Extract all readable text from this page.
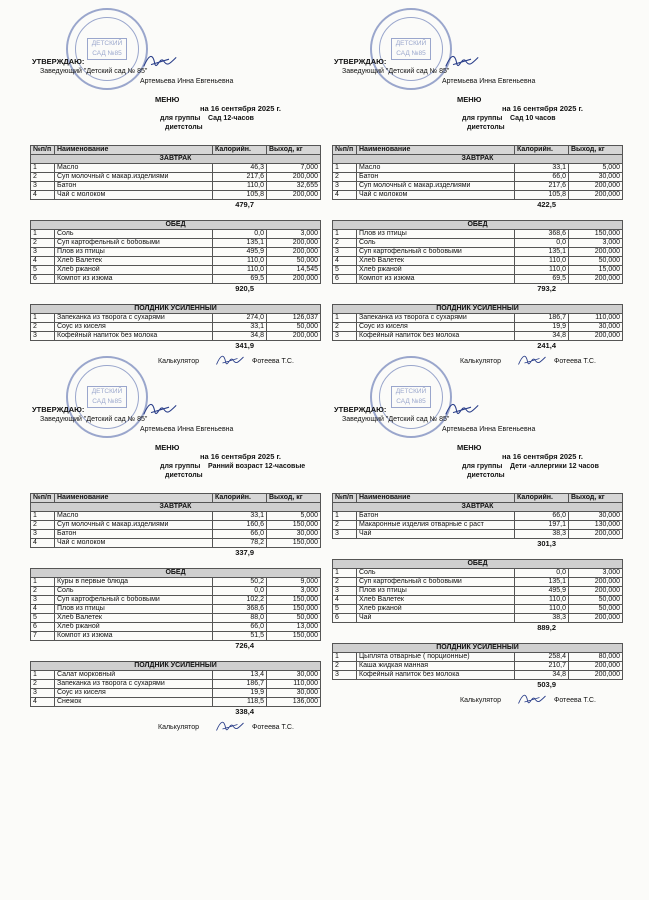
ДЕТСКИЙ САД №85
УТВЕРЖДАЮ:
Заведующий "Детский сад № 85"
Артемьева Инна Евгеньевна
МЕНЮ
на 16 сентября 2025 г.
для группы Сад 12-часов
диетстолы
№п/п	Наименование	Калорийн.	Выход, кг
ЗАВТРАК			
1	Масло	46,3	7,000
2	Суп молочный с макар.изделиями	217,6	200,000
3	Батон	110,0	32,655
4	Чай с молоком	105,8	200,000
479,7
ОБЕД			
1	Соль	0,0	3,000
2	Суп картофельный с бобовыми	135,1	200,000
3	Плов из птицы	495,9	200,000
4	Хлеб Валетек	110,0	50,000
5	Хлеб ржаной	110,0	14,545
6	Компот из изюма	69,5	200,000
920,5
ПОЛДНИК УСИЛЕННЫЙ			
1	Запеканка из творога с сухарями	274,0	126,037
2	Соус из киселя	33,1	50,000
3	Кофейный напиток без молока	34,8	200,000
341,9
Калькулятор	Фотеева Т.С.
ДЕТСКИЙ САД №85
УТВЕРЖДАЮ:
Заведующий "Детский сад № 85"
Артемьева Инна Евгеньевна
МЕНЮ
на 16 сентября 2025 г.
для группы Сад 10 часов
диетстолы
№п/п	Наименование	Калорийн.	Выход, кг
ЗАВТРАК			
1	Масло	33,1	5,000
2	Батон	66,0	30,000
3	Суп молочный с макар.изделиями	217,6	200,000
4	Чай с молоком	105,8	200,000
422,5
ОБЕД			
1	Плов из птицы	368,6	150,000
2	Соль	0,0	3,000
3	Суп картофельный с бобовыми	135,1	200,000
4	Хлеб Валетек	110,0	50,000
5	Хлеб ржаной	110,0	15,000
6	Компот из изюма	69,5	200,000
793,2
ПОЛДНИК УСИЛЕННЫЙ			
1	Запеканка из творога с сухарями	186,7	110,000
2	Соус из киселя	19,9	30,000
3	Кофейный напиток без молока	34,8	200,000
241,4
Калькулятор	Фотеева Т.С.
ДЕТСКИЙ САД №85
УТВЕРЖДАЮ:
Заведующий "Детский сад № 85"
Артемьева Инна Евгеньевна
МЕНЮ
на 16 сентября 2025 г.
для группы Ранний возраст 12-часовые
диетстолы
№п/п	Наименование	Калорийн.	Выход, кг
ЗАВТРАК			
1	Масло	33,1	5,000
2	Суп молочный с макар.изделиями	160,6	150,000
3	Батон	66,0	30,000
4	Чай с молоком	78,2	150,000
337,9
ОБЕД			
1	Куры в первые блюда	50,2	9,000
2	Соль	0,0	3,000
3	Суп картофельный с бобовыми	102,2	150,000
4	Плов из птицы	368,6	150,000
5	Хлеб Валетек	88,0	50,000
6	Хлеб ржаной	66,0	13,000
7	Компот из изюма	51,5	150,000
726,4
ПОЛДНИК УСИЛЕННЫЙ			
1	Салат морковный	13,4	30,000
2	Запеканка из творога с сухарями	186,7	110,000
3	Соус из киселя	19,9	30,000
4	Снежок	118,5	136,000
338,4
Калькулятор	Фотеева Т.С.
ДЕТСКИЙ САД №85
УТВЕРЖДАЮ:
Заведующий "Детский сад № 85"
Артемьева Инна Евгеньевна
МЕНЮ
на 16 сентября 2025 г.
для группы Дети -аллергики 12 часов
диетстолы
№п/п	Наименование	Калорийн.	Выход, кг
ЗАВТРАК			
1	Батон	66,0	30,000
2	Макаронные изделия отварные с раст	197,1	130,000
3	Чай	38,3	200,000
301,3
ОБЕД			
1	Соль	0,0	3,000
2	Суп картофельный с бобовыми	135,1	200,000
3	Плов из птицы	495,9	200,000
4	Хлеб Валетек	110,0	50,000
5	Хлеб ржаной	110,0	50,000
6	Чай	38,3	200,000
889,2
ПОЛДНИК УСИЛЕННЫЙ			
1	Цыплята отварные ( порционные)	258,4	80,000
2	Каша жидкая манная	210,7	200,000
3	Кофейный напиток без молока	34,8	200,000
503,9
Калькулятор	Фотеева Т.С.
